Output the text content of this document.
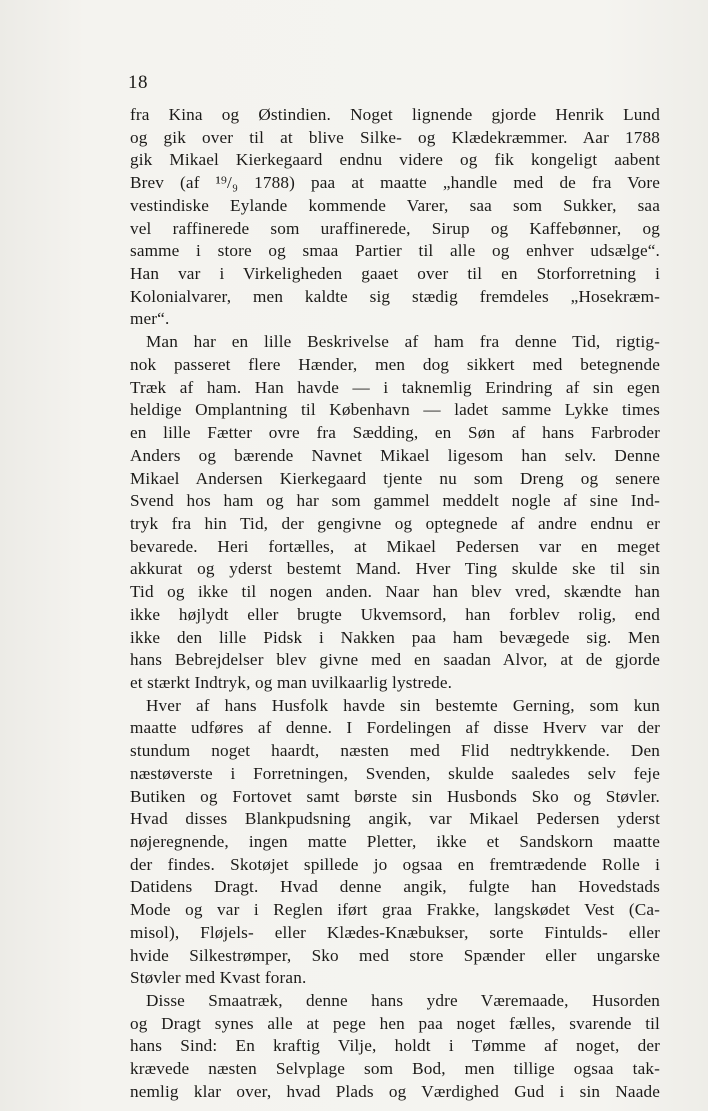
18
fra Kina og Østindien. Noget lignende gjorde Henrik Lund
og gik over til at blive Silke- og Klædekræmmer. Aar 1788
gik Mikael Kierkegaard endnu videre og fik kongeligt aabent
Brev (af ¹⁹/₉ 1788) paa at maatte „handle med de fra Vore
vestindiske Eylande kommende Varer, saa som Sukker, saa
vel raffinerede som uraffinerede, Sirup og Kaffebønner, og
samme i store og smaa Partier til alle og enhver udsælge“.
Han var i Virkeligheden gaaet over til en Storforretning i
Kolonialvarer, men kaldte sig stædig fremdeles „Hosekræm-
mer“.
Man har en lille Beskrivelse af ham fra denne Tid, rigtig-
nok passeret flere Hænder, men dog sikkert med betegnende
Træk af ham. Han havde — i taknemlig Erindring af sin egen
heldige Omplantning til København — ladet samme Lykke times
en lille Fætter ovre fra Sædding, en Søn af hans Farbroder
Anders og bærende Navnet Mikael ligesom han selv. Denne
Mikael Andersen Kierkegaard tjente nu som Dreng og senere
Svend hos ham og har som gammel meddelt nogle af sine Ind-
tryk fra hin Tid, der gengivne og optegnede af andre endnu er
bevarede. Heri fortælles, at Mikael Pedersen var en meget
akkurat og yderst bestemt Mand. Hver Ting skulde ske til sin
Tid og ikke til nogen anden. Naar han blev vred, skændte han
ikke højlydt eller brugte Ukvemsord, han forblev rolig, end
ikke den lille Pidsk i Nakken paa ham bevægede sig. Men
hans Bebrejdelser blev givne med en saadan Alvor, at de gjorde
et stærkt Indtryk, og man uvilkaarlig lystrede.
Hver af hans Husfolk havde sin bestemte Gerning, som kun
maatte udføres af denne. I Fordelingen af disse Hverv var der
stundum noget haardt, næsten med Flid nedtrykkende. Den
næstøverste i Forretningen, Svenden, skulde saaledes selv feje
Butiken og Fortovet samt børste sin Husbonds Sko og Støvler.
Hvad disses Blankpudsning angik, var Mikael Pedersen yderst
nøjeregnende, ingen matte Pletter, ikke et Sandskorn maatte
der findes. Skotøjet spillede jo ogsaa en fremtrædende Rolle i
Datidens Dragt. Hvad denne angik, fulgte han Hovedstads
Mode og var i Reglen iført graa Frakke, langskødet Vest (Ca-
misol), Fløjels- eller Klædes-Knæbukser, sorte Fintulds- eller
hvide Silkestrømper, Sko med store Spænder eller ungarske
Støvler med Kvast foran.
Disse Smaatræk, denne hans ydre Væremaade, Husorden
og Dragt synes alle at pege hen paa noget fælles, svarende til
hans Sind: En kraftig Vilje, holdt i Tømme af noget, der
krævede næsten Selvplage som Bod, men tillige ogsaa tak-
nemlig klar over, hvad Plads og Værdighed Gud i sin Naade
